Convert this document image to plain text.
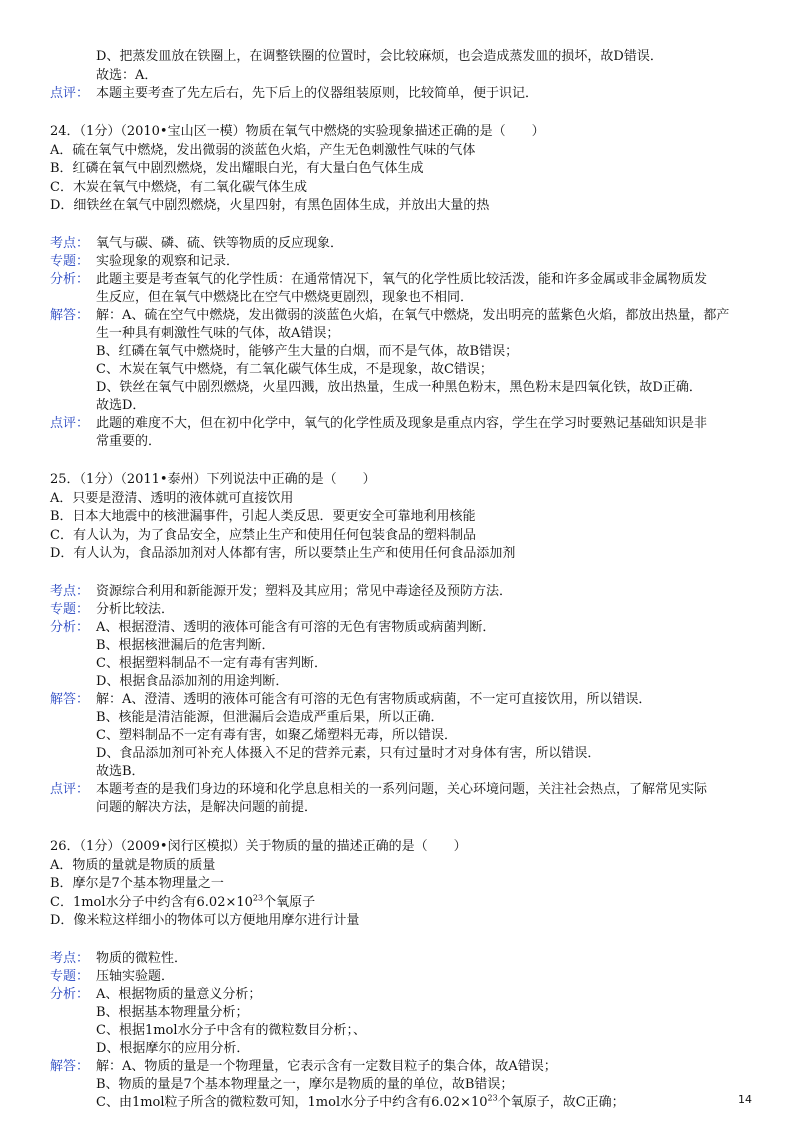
D、把蒸发皿放在铁圈上，在调整铁圈的位置时，会比较麻烦，也会造成蒸发皿的损坏，故D错误．
故选：A．
点评： 本题主要考查了先左后右，先下后上的仪器组装原则，比较简单，便于识记．
24．（1分）（2010•宝山区一模）物质在氧气中燃烧的实验现象描述正确的是（　　）
A．硫在氧气中燃烧，发出微弱的淡蓝色火焰，产生无色刺激性气味的气体
B．红磷在氧气中剧烈燃烧，发出耀眼白光，有大量白色气体生成
C．木炭在氧气中燃烧，有二氧化碳气体生成
D．细铁丝在氧气中剧烈燃烧，火星四射，有黑色固体生成，并放出大量的热
考点： 氧气与碳、磷、硫、铁等物质的反应现象．
专题： 实验现象的观察和记录．
分析： 此题主要是考查氧气的化学性质：在通常情况下，氧气的化学性质比较活泼，能和许多金属或非金属物质发
生反应，但在氧气中燃烧比在空气中燃烧更剧烈，现象也不相同．
解答： 解：A、硫在空气中燃烧，发出微弱的淡蓝色火焰，在氧气中燃烧，发出明亮的蓝紫色火焰，都放出热量，都产
生一种具有刺激性气味的气体，故A错误；
B、红磷在氧气中燃烧时，能够产生大量的白烟，而不是气体，故B错误；
C、木炭在氧气中燃烧，有二氧化碳气体生成，不是现象，故C错误；
D、铁丝在氧气中剧烈燃烧，火星四溅，放出热量，生成一种黑色粉末，黑色粉末是四氧化铁，故D正确．
故选D．
点评： 此题的难度不大，但在初中化学中，氧气的化学性质及现象是重点内容，学生在学习时要熟记基础知识是非
常重要的．
25．（1分）（2011•泰州）下列说法中正确的是（　　）
A．只要是澄清、透明的液体就可直接饮用
B．日本大地震中的核泄漏事件，引起人类反思．要更安全可靠地利用核能
C．有人认为，为了食品安全，应禁止生产和使用任何包装食品的塑料制品
D．有人认为，食品添加剂对人体都有害，所以要禁止生产和使用任何食品添加剂
考点： 资源综合利用和新能源开发；塑料及其应用；常见中毒途径及预防方法．
专题： 分析比较法．
分析： A、根据澄清、透明的液体可能含有可溶的无色有害物质或病菌判断．
B、根据核泄漏后的危害判断．
C、根据塑料制品不一定有毒有害判断．
D、根据食品添加剂的用途判断．
解答： 解：A、澄清、透明的液体可能含有可溶的无色有害物质或病菌，不一定可直接饮用，所以错误．
B、核能是清洁能源，但泄漏后会造成严重后果，所以正确．
C、塑料制品不一定有毒有害，如聚乙烯塑料无毒，所以错误．
D、食品添加剂可补充人体摄入不足的营养元素，只有过量时才对身体有害，所以错误．
故选B．
点评： 本题考查的是我们身边的环境和化学息息相关的一系列问题，关心环境问题，关注社会热点，了解常见实际
问题的解决方法，是解决问题的前提．
26．（1分）（2009•闵行区模拟）关于物质的量的描述正确的是（　　）
A．物质的量就是物质的质量
B．摩尔是7个基本物理量之一
C．1mol水分子中约含有$6.02\times 10^{23}$个氧原子
D．像米粒这样细小的物体可以方便地用摩尔进行计量
考点： 物质的微粒性．
专题： 压轴实验题．
分析： A、根据物质的量意义分析；
B、根据基本物理量分析；
C、根据1mol水分子中含有的微粒数目分析；、
D、根据摩尔的应用分析．
解答： 解：A、物质的量是一个物理量，它表示含有一定数目粒子的集合体，故A错误；
B、物质的量是7个基本物理量之一，摩尔是物质的量的单位，故B错误；
C、由1mol粒子所含的微粒数可知，1mol水分子中约含有$6.02\times 10^{23}$个氧原子，故C正确；	14
